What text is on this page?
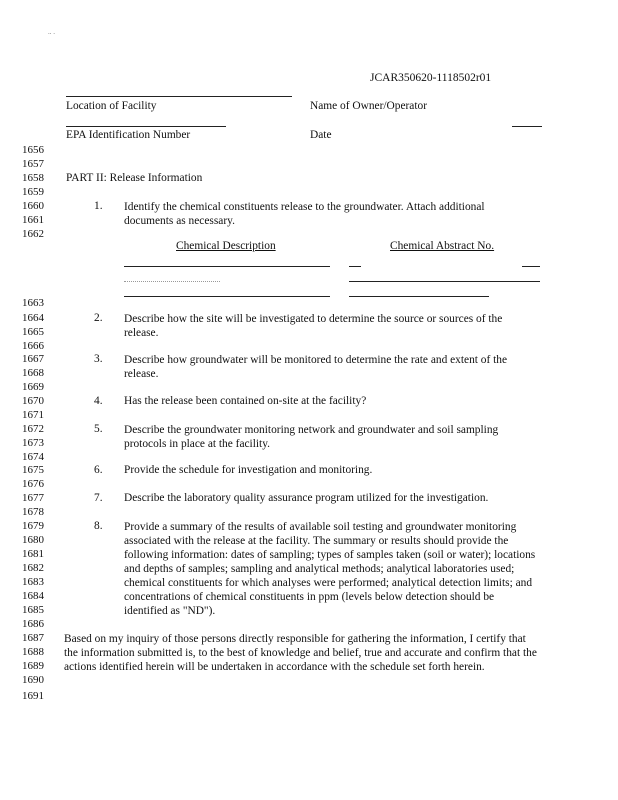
.. .
JCAR350620-1118502r01
Location of Facility	Name of Owner/Operator
EPA Identification Number	Date
1656
1657
1658
1659
1660
1661
1662
1663
1664
1665
1666
1667
1668
1669
1670
1671
1672
1673
1674
1675
1676
1677
1678
1679
1680
1681
1682
1683
1684
1685
1686
1687
1688
1689
1690
1691
PART II: Release Information
1. Identify the chemical constituents release to the groundwater. Attach additional documents as necessary.
Chemical Description	Chemical Abstract No.
2. Describe how the site will be investigated to determine the source or sources of the release.
3. Describe how groundwater will be monitored to determine the rate and extent of the release.
4. Has the release been contained on-site at the facility?
5. Describe the groundwater monitoring network and groundwater and soil sampling protocols in place at the facility.
6. Provide the schedule for investigation and monitoring.
7. Describe the laboratory quality assurance program utilized for the investigation.
8. Provide a summary of the results of available soil testing and groundwater monitoring associated with the release at the facility. The summary or results should provide the following information: dates of sampling; types of samples taken (soil or water); locations and depths of samples; sampling and analytical methods; analytical laboratories used; chemical constituents for which analyses were performed; analytical detection limits; and concentrations of chemical constituents in ppm (levels below detection should be identified as "ND").
Based on my inquiry of those persons directly responsible for gathering the information, I certify that the information submitted is, to the best of knowledge and belief, true and accurate and confirm that the actions identified herein will be undertaken in accordance with the schedule set forth herein.
